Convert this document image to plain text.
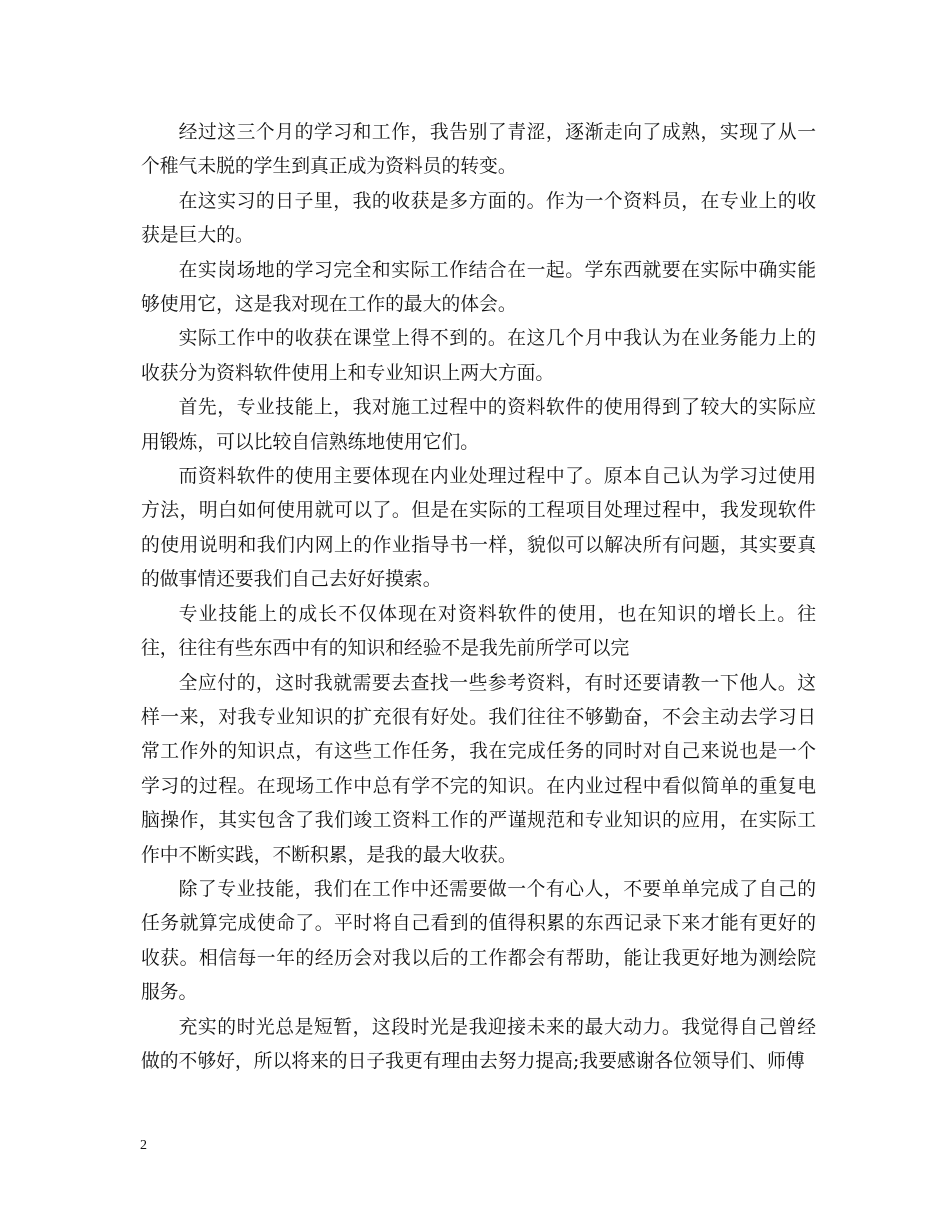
经过这三个月的学习和工作，我告别了青涩，逐渐走向了成熟，实现了从一个稚气未脱的学生到真正成为资料员的转变。

在这实习的日子里，我的收获是多方面的。作为一个资料员，在专业上的收获是巨大的。

在实岗场地的学习完全和实际工作结合在一起。学东西就要在实际中确实能够使用它，这是我对现在工作的最大的体会。

实际工作中的收获在课堂上得不到的。在这几个月中我认为在业务能力上的收获分为资料软件使用上和专业知识上两大方面。

首先，专业技能上，我对施工过程中的资料软件的使用得到了较大的实际应用锻炼，可以比较自信熟练地使用它们。

而资料软件的使用主要体现在内业处理过程中了。原本自己认为学习过使用方法，明白如何使用就可以了。但是在实际的工程项目处理过程中，我发现软件的使用说明和我们内网上的作业指导书一样，貌似可以解决所有问题，其实要真的做事情还要我们自己去好好摸索。

专业技能上的成长不仅体现在对资料软件的使用，也在知识的增长上。往往，往往有些东西中有的知识和经验不是我先前所学可以完

全应付的，这时我就需要去查找一些参考资料，有时还要请教一下他人。这样一来，对我专业知识的扩充很有好处。我们往往不够勤奋，不会主动去学习日常工作外的知识点，有这些工作任务，我在完成任务的同时对自己来说也是一个学习的过程。在现场工作中总有学不完的知识。在内业过程中看似简单的重复电脑操作，其实包含了我们竣工资料工作的严谨规范和专业知识的应用，在实际工作中不断实践，不断积累，是我的最大收获。

除了专业技能，我们在工作中还需要做一个有心人，不要单单完成了自己的任务就算完成使命了。平时将自己看到的值得积累的东西记录下来才能有更好的收获。相信每一年的经历会对我以后的工作都会有帮助，能让我更好地为测绘院服务。

充实的时光总是短暂，这段时光是我迎接未来的最大动力。我觉得自己曾经做的不够好，所以将来的日子我更有理由去努力提高;我要感谢各位领导们、师傅

2
